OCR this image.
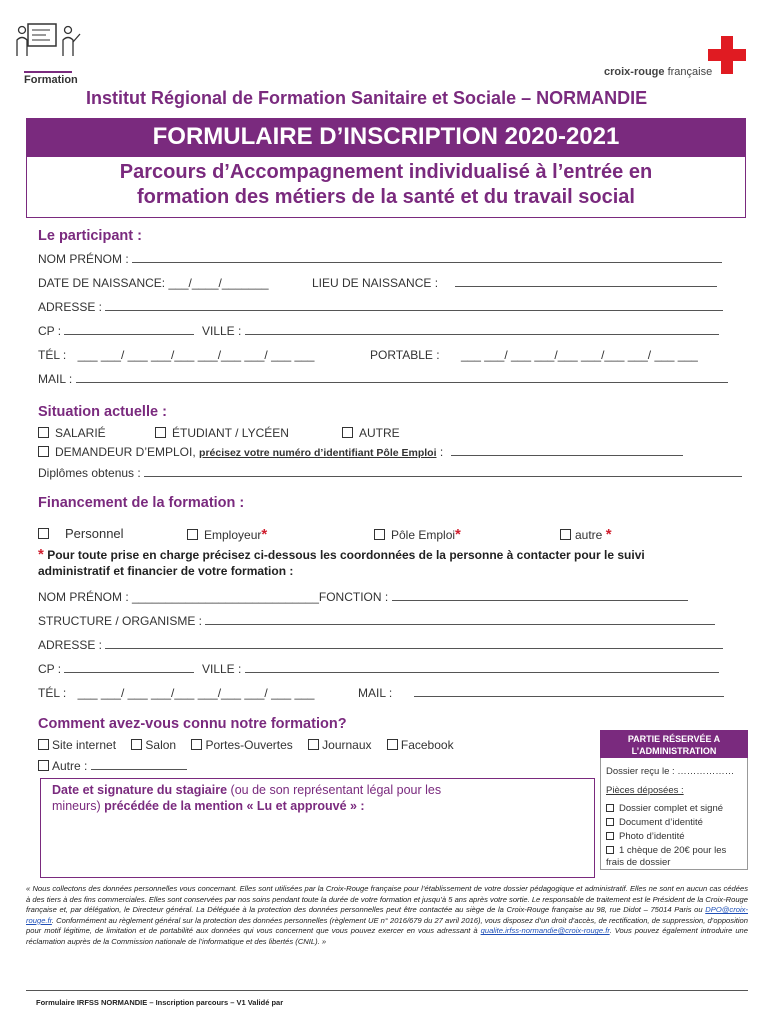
Formation
croix-rouge française
Institut Régional de Formation Sanitaire et Sociale – NORMANDIE
FORMULAIRE D’INSCRIPTION 2020-2021
Parcours d’Accompagnement individualisé à l’entrée en
formation des métiers de la santé et du travail social
Le participant :
NOM PRÉNOM :
DATE DE NAISSANCE: ___/____/_______	LIEU DE NAISSANCE :
ADRESSE :
CP :	VILLE :
TÉL : ___ ___/ ___ ___/___ ___/___ ___/ ___ ___	PORTABLE : ___ ___/ ___ ___/___ ___/___ ___/ ___ ___
MAIL :
Situation actuelle :
SALARIÉ	ÉTUDIANT / LYCÉEN	AUTRE
DEMANDEUR D’EMPLOI, précisez votre numéro d’identifiant Pôle Emploi :
Diplômes obtenus :
Financement de la formation :
Personnel	Employeur*	Pôle Emploi*	autre *
* Pour toute prise en charge précisez ci-dessous les coordonnées de la personne à contacter pour le suivi
administratif et financier de votre formation :
NOM PRÉNOM : ____________________________FONCTION :
STRUCTURE / ORGANISME :
ADRESSE :
CP :	VILLE :
TÉL : ___ ___/ ___ ___/___ ___/___ ___/ ___ ___	MAIL :
Comment avez-vous connu notre formation?
Site internet Salon Portes-Ouvertes Journaux Facebook
Autre :
Date et signature du stagiaire (ou de son représentant légal pour les mineurs) précédée de la mention « Lu et approuvé » :
PARTIE RÉSERVÉE A
L’ADMINISTRATION
Dossier reçu le : ………………
Pièces déposées :
Dossier complet et signé
Document d’identité
Photo d’identité
1 chèque de 20€ pour les
frais de dossier
« Nous collectons des données personnelles vous concernant. Elles sont utilisées par la Croix-Rouge française pour l’établissement de votre dossier pédagogique et administratif. Elles ne sont en aucun cas cédées à des tiers à des fins commerciales. Elles sont conservées par nos soins pendant toute la durée de votre formation et jusqu’à 5 ans après votre sortie. Le responsable de traitement est le Président de la Croix-Rouge française et, par délégation, le Directeur général. La Déléguée à la protection des données personnelles peut être contactée au siège de la Croix-Rouge française au 98, rue Didot – 75014 Paris ou DPO@croix-rouge.fr. Conformément au règlement général sur la protection des données personnelles (règlement UE n° 2016/679 du 27 avril 2016), vous disposez d’un droit d’accès, de rectification, de suppression, d’opposition pour motif légitime, de limitation et de portabilité aux données qui vous concernent que vous pouvez exercer en vous adressant à qualite.irfss-normandie@croix-rouge.fr. Vous pouvez également introduire une réclamation auprès de la Commission nationale de l’informatique et des libertés (CNIL). »
Formulaire IRFSS NORMANDIE – Inscription parcours – V1 Validé par
